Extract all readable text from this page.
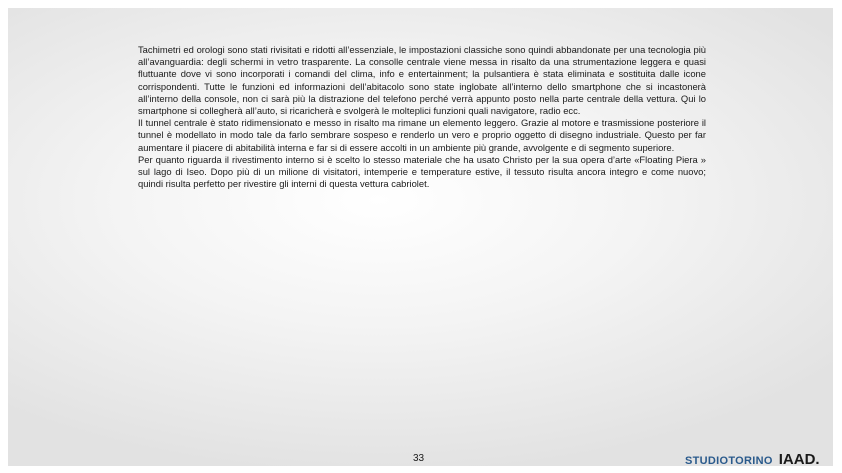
Tachimetri ed orologi sono stati rivisitati e ridotti all’essenziale, le impostazioni classiche sono quindi abbandonate per una tecnologia più all’avanguardia: degli schermi in vetro trasparente. La consolle centrale viene messa in risalto da una strumentazione leggera e quasi fluttuante dove vi sono incorporati i comandi del clima, info e entertainment; la pulsantiera è stata eliminata e sostituita dalle icone corrispondenti. Tutte le funzioni ed informazioni dell’abitacolo sono state inglobate all’interno dello smartphone che si incastonerà all’interno della console, non ci sarà più la distrazione del telefono perché verrà appunto posto nella parte centrale della vettura. Qui lo smartphone si collegherà all’auto, si ricaricherà e svolgerà le molteplici funzioni quali navigatore, radio ecc.

Il tunnel centrale è stato ridimensionato e messo in risalto ma rimane un elemento leggero. Grazie al motore e trasmissione posteriore il tunnel è modellato in modo tale da farlo sembrare sospeso e renderlo un vero e proprio oggetto di disegno industriale. Questo per far aumentare il piacere di abitabilità interna e far si di essere accolti in un ambiente più grande, avvolgente e di segmento superiore.

Per quanto riguarda il rivestimento interno si è scelto lo stesso materiale che ha usato Christo per la sua opera d’arte «Floating Piera » sul lago di Iseo. Dopo più di un milione di visitatori, intemperie e temperature estive, il tessuto risulta ancora integro e come nuovo; quindi risulta perfetto per rivestire gli interni di questa vettura cabriolet.

33	STUDIOTORINO IAAD.
